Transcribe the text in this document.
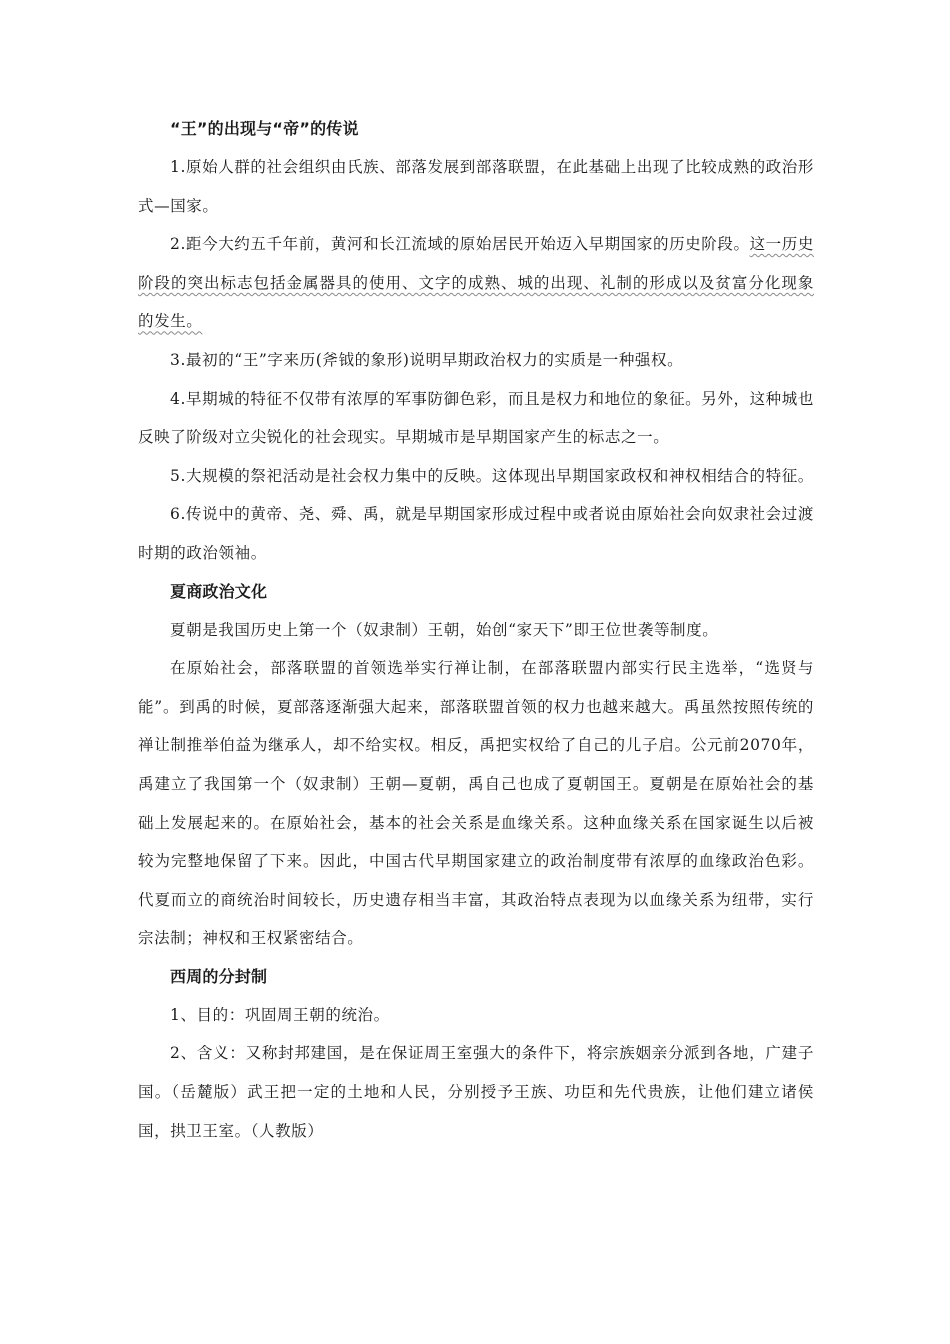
“王”的出现与“帝”的传说

1.原始人群的社会组织由氏族、部落发展到部落联盟，在此基础上出现了比较成熟的政治形式—国家。

2.距今大约五千年前，黄河和长江流域的原始居民开始迈入早期国家的历史阶段。这一历史阶段的突出标志包括金属器具的使用、文字的成熟、城的出现、礼制的形成以及贫富分化现象的发生。

3.最初的“王”字来历(斧钺的象形)说明早期政治权力的实质是一种强权。

4.早期城的特征不仅带有浓厚的军事防御色彩，而且是权力和地位的象征。另外，这种城也反映了阶级对立尖锐化的社会现实。早期城市是早期国家产生的标志之一。

5.大规模的祭祀活动是社会权力集中的反映。这体现出早期国家政权和神权相结合的特征。

6.传说中的黄帝、尧、舜、禹，就是早期国家形成过程中或者说由原始社会向奴隶社会过渡时期的政治领袖。

夏商政治文化

夏朝是我国历史上第一个（奴隶制）王朝，始创“家天下”即王位世袭等制度。

在原始社会，部落联盟的首领选举实行禅让制，在部落联盟内部实行民主选举，“选贤与能”。到禹的时候，夏部落逐渐强大起来，部落联盟首领的权力也越来越大。禹虽然按照传统的禅让制推举伯益为继承人，却不给实权。相反，禹把实权给了自己的儿子启。公元前2070年，禹建立了我国第一个（奴隶制）王朝—夏朝，禹自己也成了夏朝国王。夏朝是在原始社会的基础上发展起来的。在原始社会，基本的社会关系是血缘关系。这种血缘关系在国家诞生以后被较为完整地保留了下来。因此，中国古代早期国家建立的政治制度带有浓厚的血缘政治色彩。代夏而立的商统治时间较长，历史遗存相当丰富，其政治特点表现为以血缘关系为纽带，实行宗法制；神权和王权紧密结合。

西周的分封制

1、目的：巩固周王朝的统治。

2、含义：又称封邦建国，是在保证周王室强大的条件下，将宗族姻亲分派到各地，广建子国。（岳麓版）武王把一定的土地和人民，分别授予王族、功臣和先代贵族，让他们建立诸侯国，拱卫王室。（人教版）
